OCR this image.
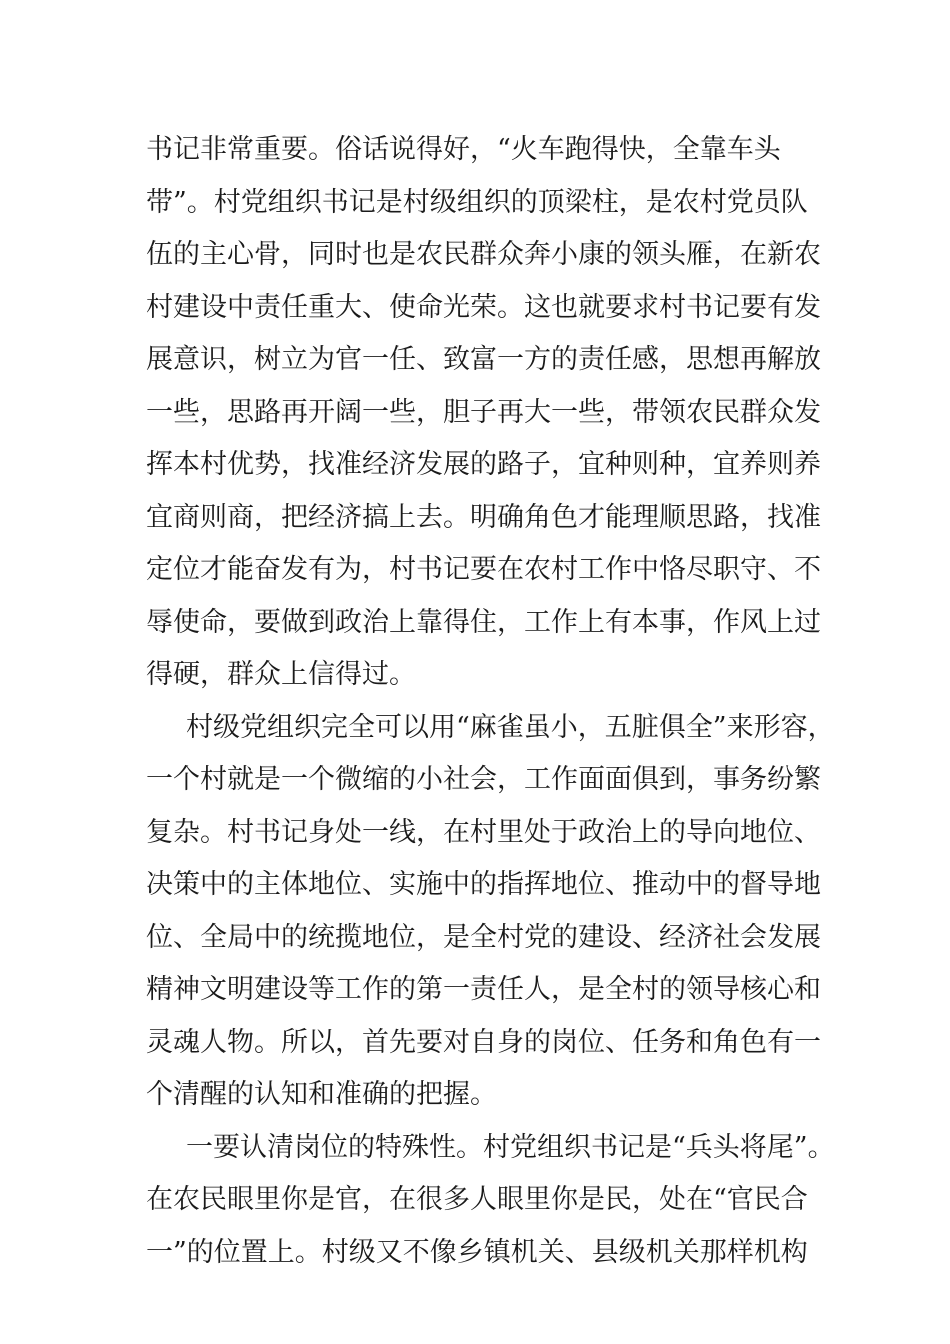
书记非常重要。俗话说得好，“火车跑得快，全靠车头
带”。村党组织书记是村级组织的顶梁柱，是农村党员队
伍的主心骨，同时也是农民群众奔小康的领头雁，在新农
村建设中责任重大、使命光荣。这也就要求村书记要有发
展意识，树立为官一任、致富一方的责任感，思想再解放
一些，思路再开阔一些，胆子再大一些，带领农民群众发
挥本村优势，找准经济发展的路子，宜种则种，宜养则养
宜商则商，把经济搞上去。明确角色才能理顺思路，找准
定位才能奋发有为，村书记要在农村工作中恪尽职守、不
辱使命，要做到政治上靠得住，工作上有本事，作风上过
得硬，群众上信得过。
村级党组织完全可以用“麻雀虽小，五脏俱全”来形容，
一个村就是一个微缩的小社会，工作面面俱到，事务纷繁
复杂。村书记身处一线，在村里处于政治上的导向地位、
决策中的主体地位、实施中的指挥地位、推动中的督导地
位、全局中的统揽地位，是全村党的建设、经济社会发展
精神文明建设等工作的第一责任人，是全村的领导核心和
灵魂人物。所以，首先要对自身的岗位、任务和角色有一
个清醒的认知和准确的把握。
一要认清岗位的特殊性。村党组织书记是“兵头将尾”。
在农民眼里你是官，在很多人眼里你是民，处在“官民合
一”的位置上。村级又不像乡镇机关、县级机关那样机构
